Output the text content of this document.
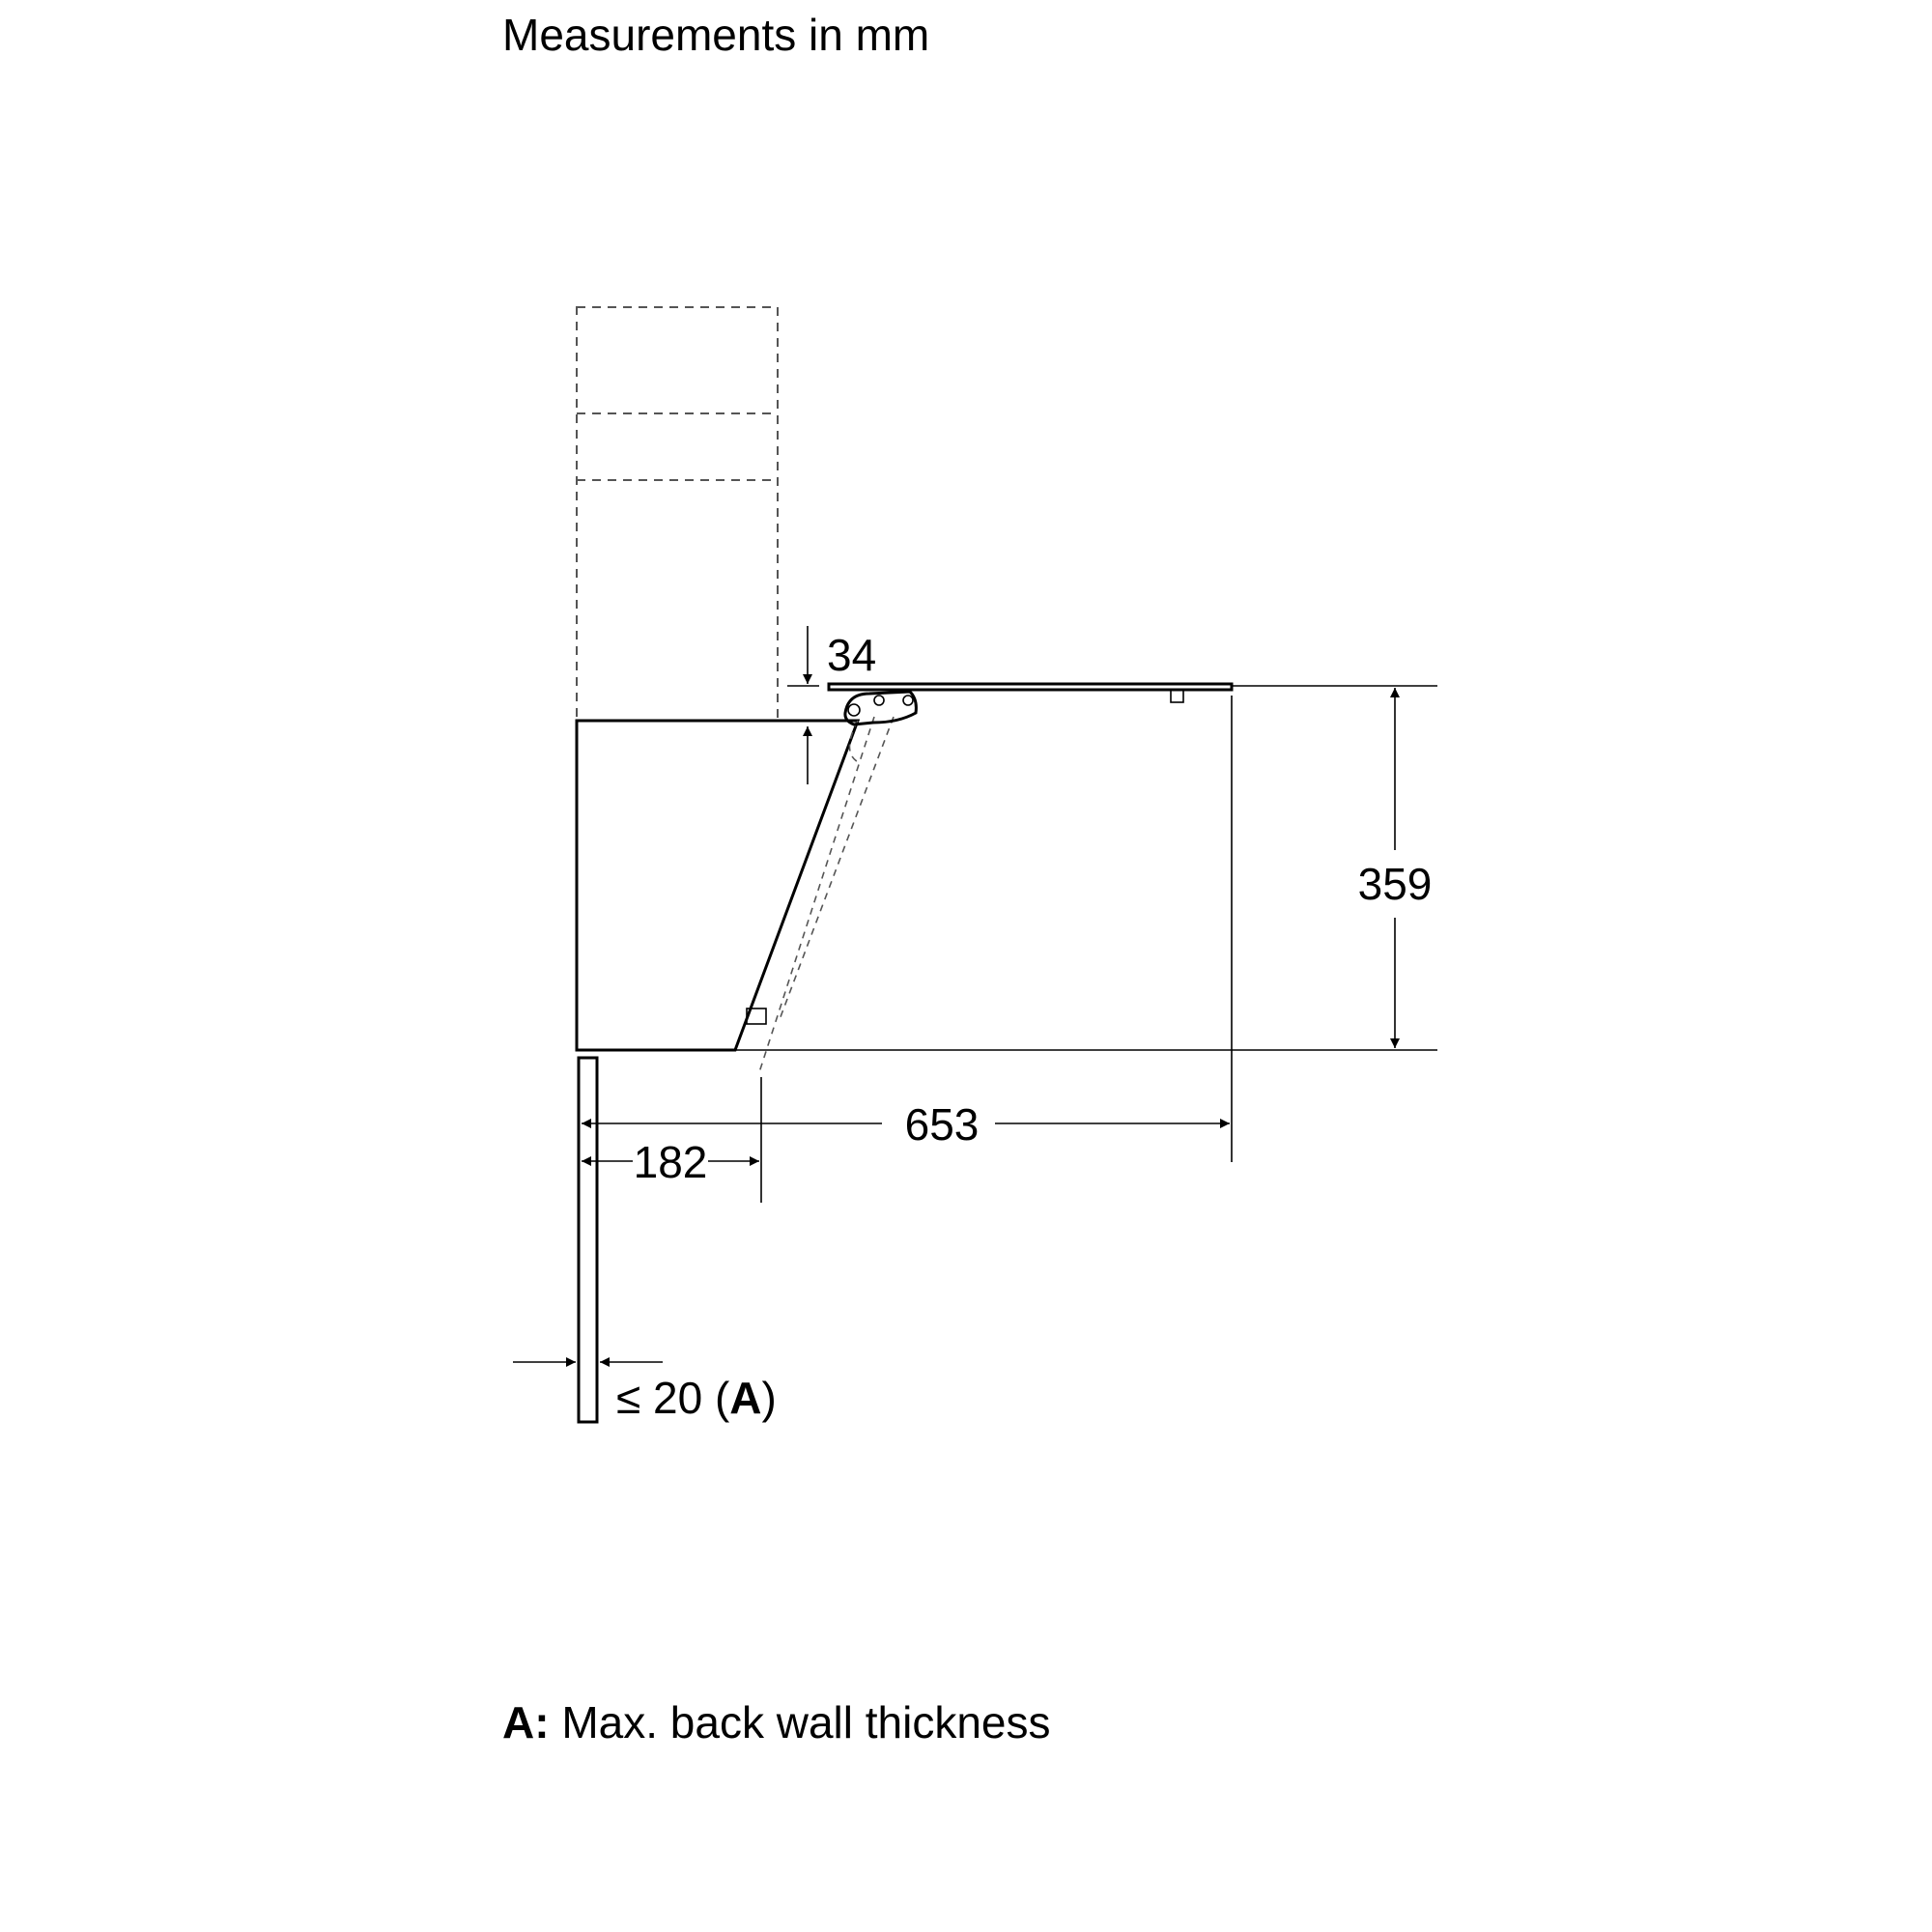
Measurements in mm
34
359
653
182
≤ 20 (A)
A: Max. back wall thickness
